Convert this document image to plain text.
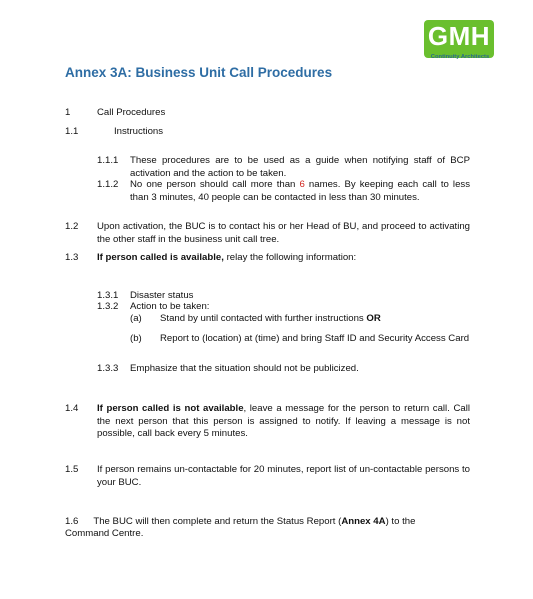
GMH
Continuity Architects
Annex 3A: Business Unit Call Procedures
1	Call Procedures
1.1	Instructions
1.1.1 These procedures are to be used as a guide when notifying staff of BCP activation and the action to be taken.
1.1.2 No one person should call more than 6 names. By keeping each call to less than 3 minutes, 40 people can be contacted in less than 30 minutes.
1.2	Upon activation, the BUC is to contact his or her Head of BU, and proceed to activating the other staff in the business unit call tree.
1.3	If person called is available, relay the following information:
1.3.1 Disaster status
1.3.2 Action to be taken:
(a) Stand by until contacted with further instructions OR
(b) Report to (location) at (time) and bring Staff ID and Security Access Card
1.3.3 Emphasize that the situation should not be publicized.
1.4	If person called is not available, leave a message for the person to return call. Call the next person that this person is assigned to notify. If leaving a message is not possible, call back every 5 minutes.
1.5	If person remains un-contactable for 20 minutes, report list of un-contactable persons to your BUC.
1.6 The BUC will then complete and return the Status Report (Annex 4A) to the
Command Centre.
